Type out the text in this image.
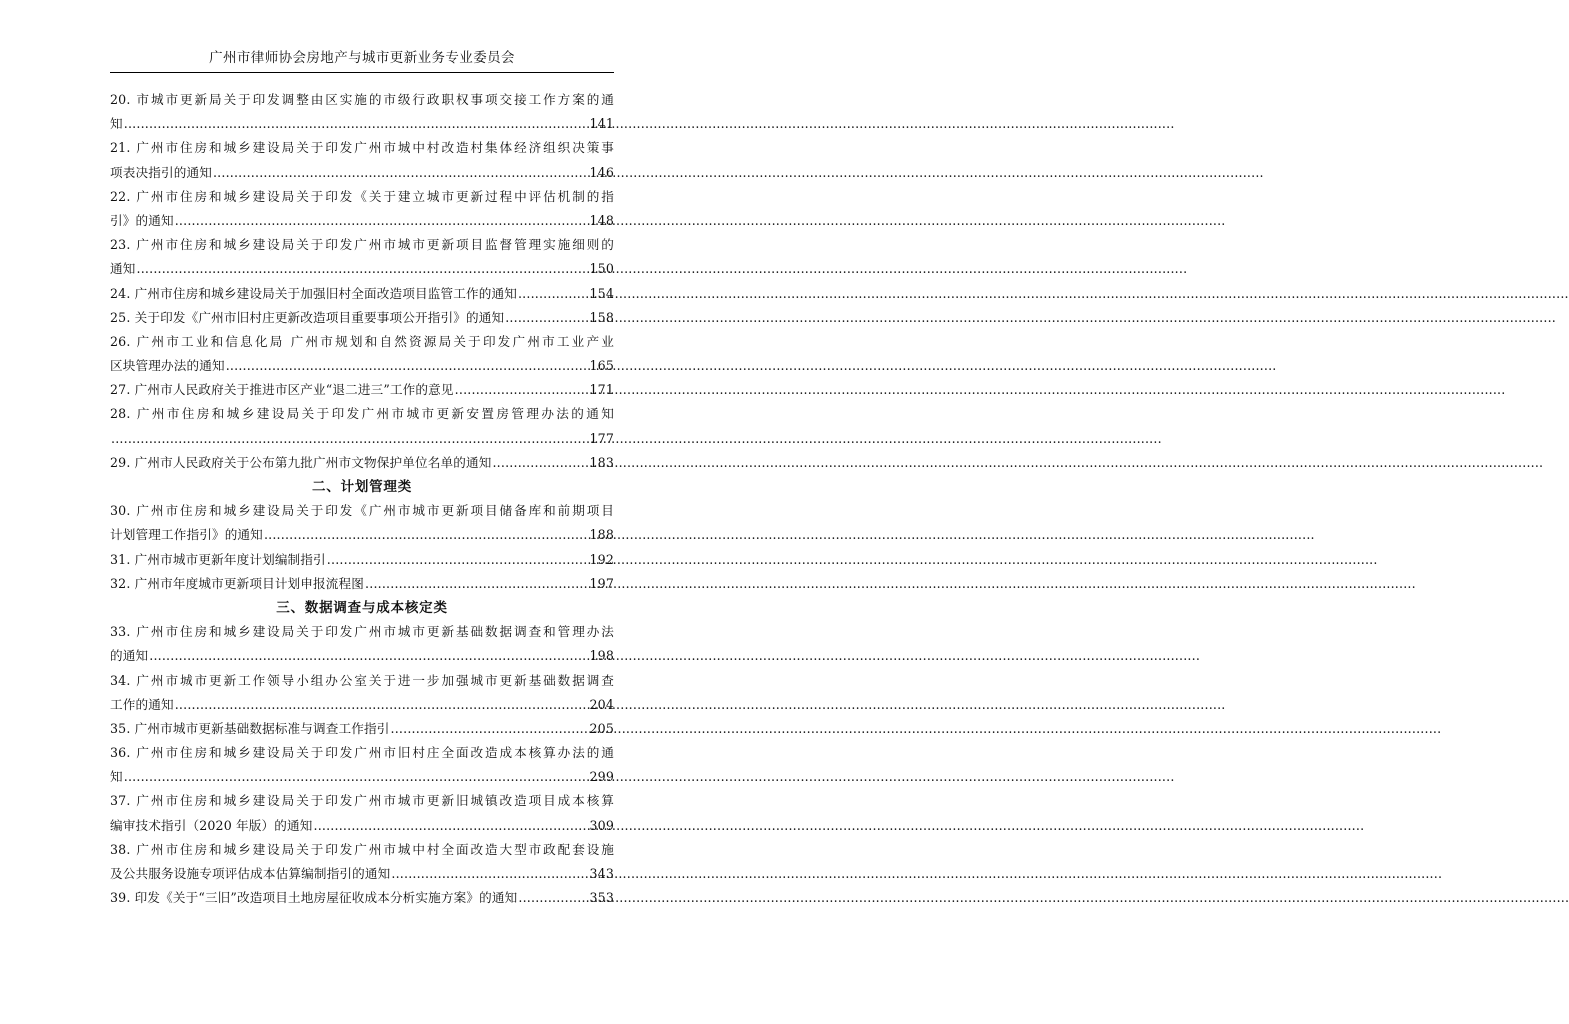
广州市律师协会房地产与城市更新业务专业委员会
20. 市城市更新局关于印发调整由区实施的市级行政职权事项交接工作方案的通
知 .....	141
21. 广州市住房和城乡建设局关于印发广州市城中村改造村集体经济组织决策事
项表决指引的通知 .....	146
22. 广州市住房和城乡建设局关于印发《关于建立城市更新过程中评估机制的指
引》的通知 .....	148
23. 广州市住房和城乡建设局关于印发广州市城市更新项目监督管理实施细则的
通知 .....	150
24. 广州市住房和城乡建设局关于加强旧村全面改造项目监管工作的通知 .....	154
25. 关于印发《广州市旧村庄更新改造项目重要事项公开指引》的通知 .....	158
26. 广州市工业和信息化局 广州市规划和自然资源局关于印发广州市工业产业
区块管理办法的通知 .....	165
27. 广州市人民政府关于推进市区产业“退二进三”工作的意见 .....	171
28. 广州市住房和城乡建设局关于印发广州市城市更新安置房管理办法的通知
.....
177
29. 广州市人民政府关于公布第九批广州市文物保护单位名单的通知 .....	183
二、计划管理类
30. 广州市住房和城乡建设局关于印发《广州市城市更新项目储备库和前期项目
计划管理工作指引》的通知 .....	188
31. 广州市城市更新年度计划编制指引 .....	192
32. 广州市年度城市更新项目计划申报流程图 .....	197
三、数据调查与成本核定类
33. 广州市住房和城乡建设局关于印发广州市城市更新基础数据调查和管理办法
的通知 .....	198
34. 广州市城市更新工作领导小组办公室关于进一步加强城市更新基础数据调查
工作的通知 .....	204
35. 广州市城市更新基础数据标准与调查工作指引 .....	205
36. 广州市住房和城乡建设局关于印发广州市旧村庄全面改造成本核算办法的通
知 .....	299
37. 广州市住房和城乡建设局关于印发广州市城市更新旧城镇改造项目成本核算
编审技术指引（2020 年版）的通知 .....	309
38. 广州市住房和城乡建设局关于印发广州市城中村全面改造大型市政配套设施
及公共服务设施专项评估成本估算编制指引的通知 .....	343
39. 印发《关于“三旧”改造项目土地房屋征收成本分析实施方案》的通知 .....	353
